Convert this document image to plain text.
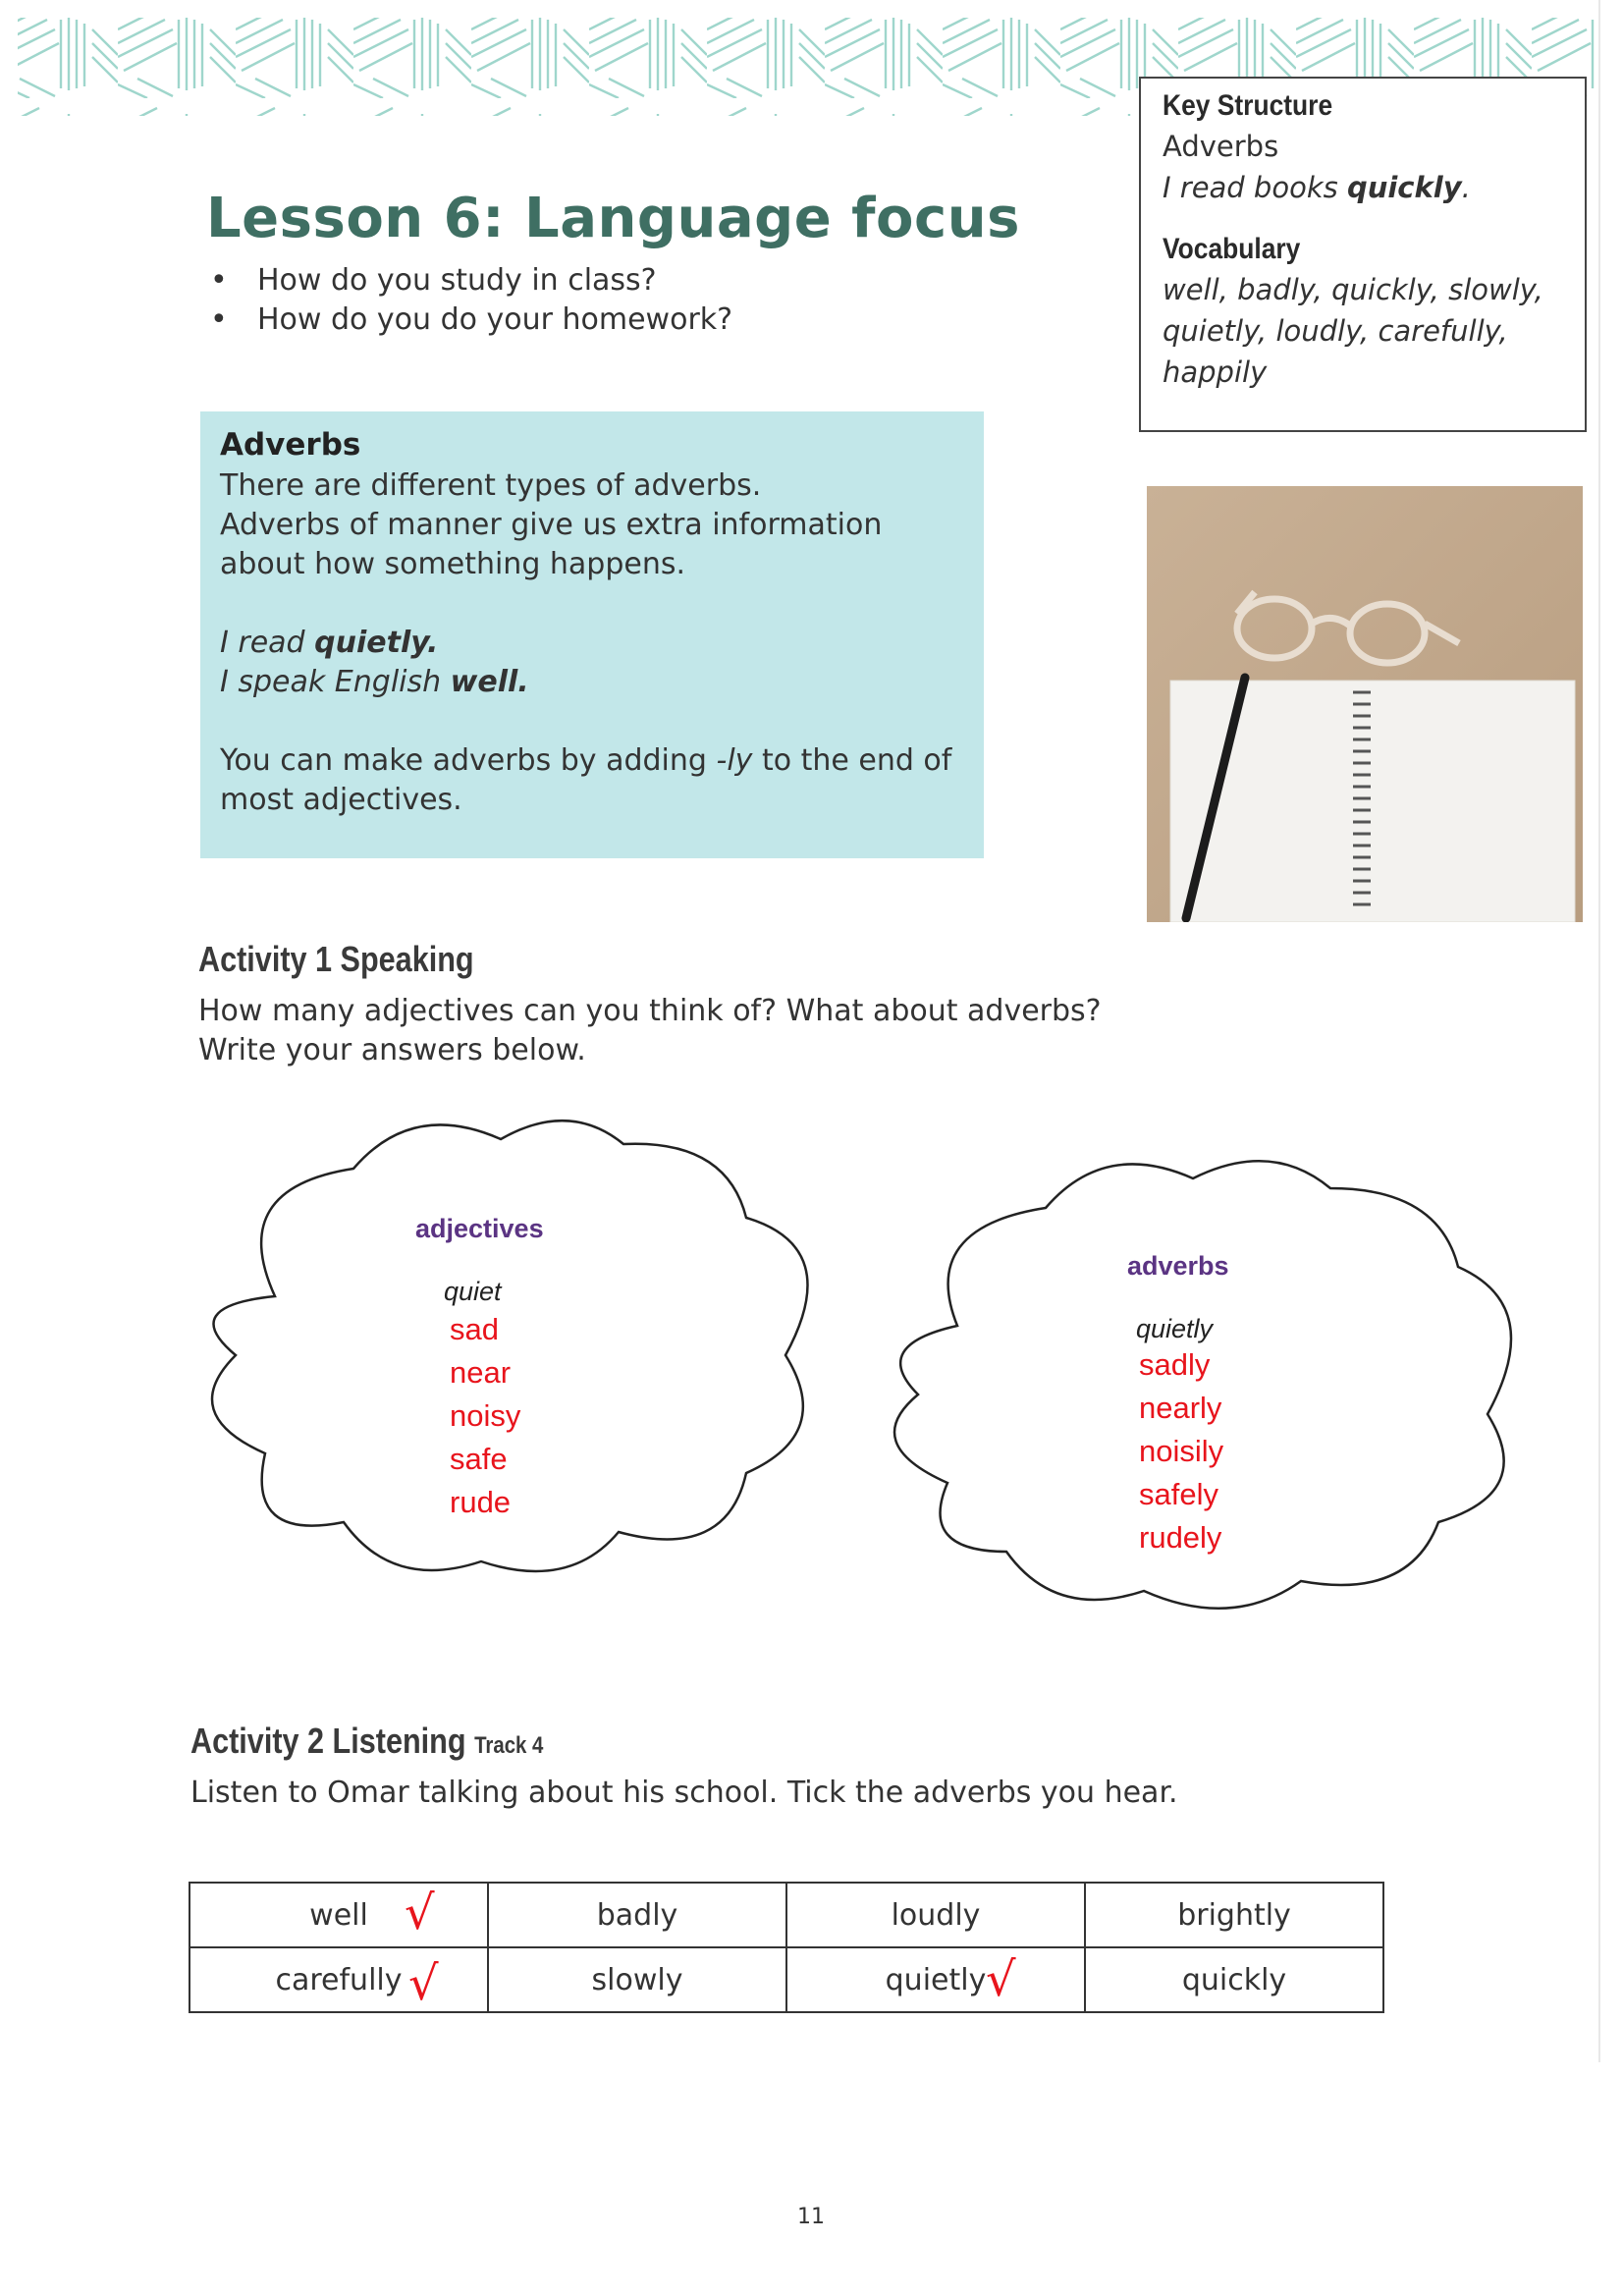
Lesson 6: Language focus
• How do you study in class?
• How do you do your homework?

Key Structure

Adverbs

I read books quickly.

Vocabulary

well, badly, quickly, slowly,

quietly, loudly, carefully,

happily

Adverbs

There are different types of adverbs.

Adverbs of manner give us extra information

about how something happens.

I read quietly.

I speak English well.

You can make adverbs by adding -ly to the end of

most adjectives.

Activity 1 Speaking
How many adjectives can you think of? What about adverbs?
Write your answers below.
adjectives
quiet
sad
near
noisy
safe
rude
adverbs
quietly
sadly
nearly
noisily
safely
rudely
Activity 2 Listening Track 4
Listen to Omar talking about his school. Tick the adverbs you hear.
well √	badly	loudly	brightly
carefully √	slowly	quietly √	quickly
11
